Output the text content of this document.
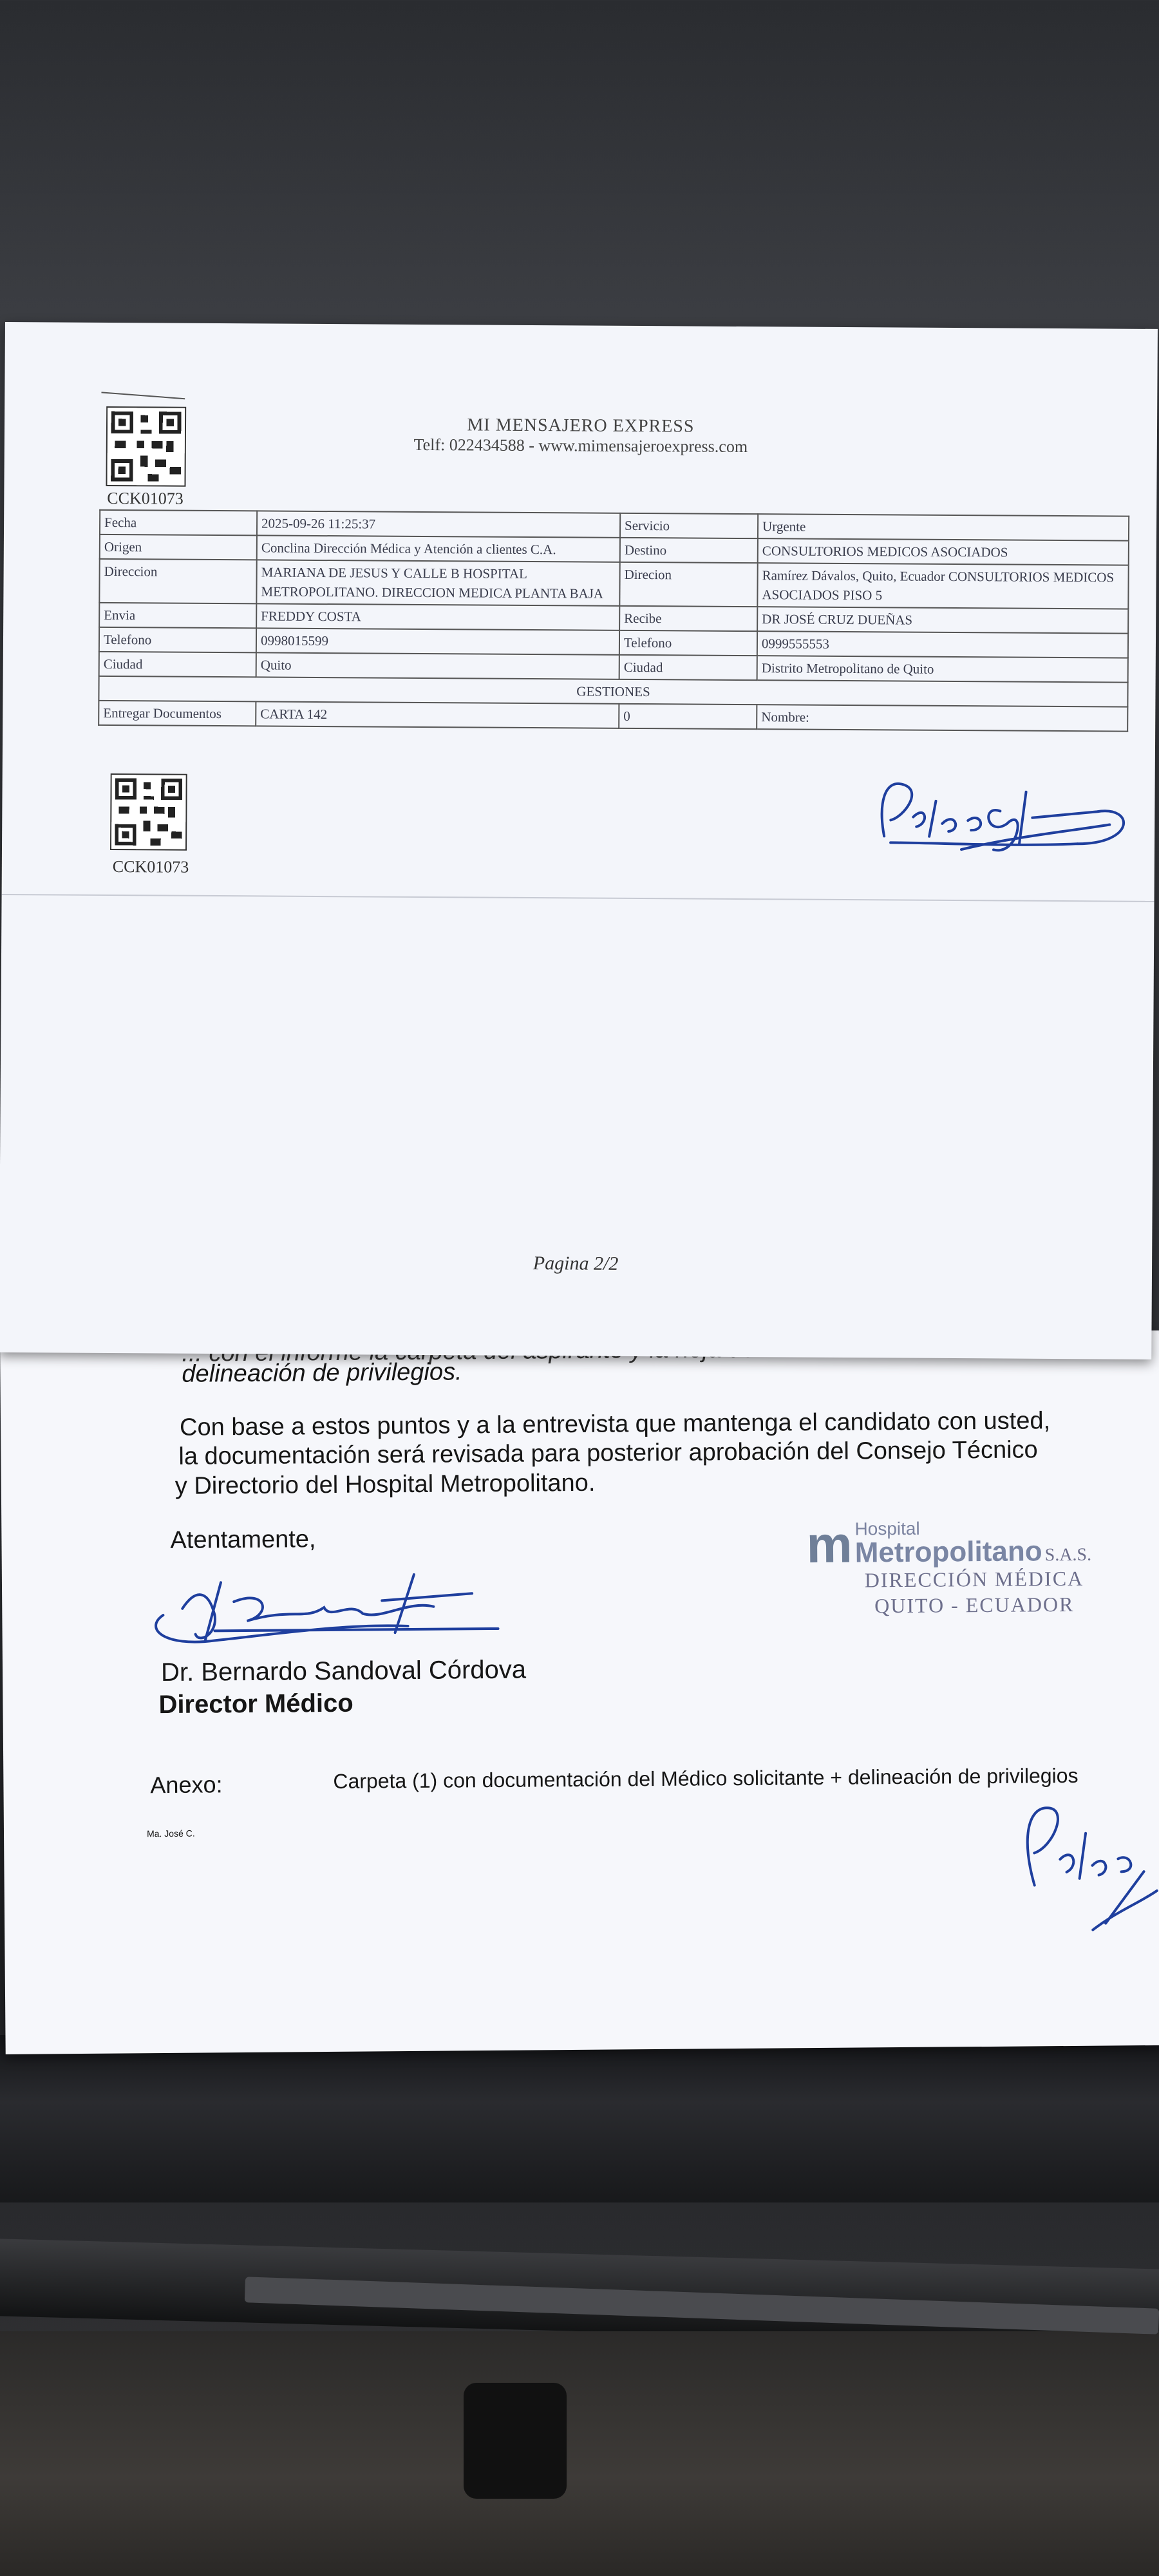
delineación de privilegios.
Con base a estos puntos y a la entrevista que mantenga el candidato con usted,
la documentación será revisada para posterior aprobación del Consejo Técnico
y Directorio del Hospital Metropolitano.
Atentamente,
Dr. Bernardo Sandoval Córdova
Director Médico
Anexo:	Carpeta (1) con documentación del Médico solicitante + delineación de privilegios
Ma. José C.
m Hospital
Metropolitano S.A.S.
DIRECCIÓN MÉDICA
QUITO - ECUADOR
CCK01073
MI MENSAJERO EXPRESS
Telf: 022434588 - www.mimensajeroexpress.com
Fecha	2025-09-26 11:25:37	Servicio	Urgente
Origen	Conclina Dirección Médica y Atención a clientes C.A.	Destino	CONSULTORIOS MEDICOS ASOCIADOS
Direccion	MARIANA DE JESUS Y CALLE B HOSPITAL METROPOLITANO. DIRECCION MEDICA PLANTA BAJA	Direcion	Ramírez Dávalos, Quito, Ecuador CONSULTORIOS MEDICOS ASOCIADOS PISO 5
Envia	FREDDY COSTA	Recibe	DR JOSÉ CRUZ DUEÑAS
Telefono	0998015599	Telefono	0999555553
Ciudad	Quito	Ciudad	Distrito Metropolitano de Quito
GESTIONES			
Entregar Documentos	CARTA 142	0	Nombre:
CCK01073
Pagina 2/2
